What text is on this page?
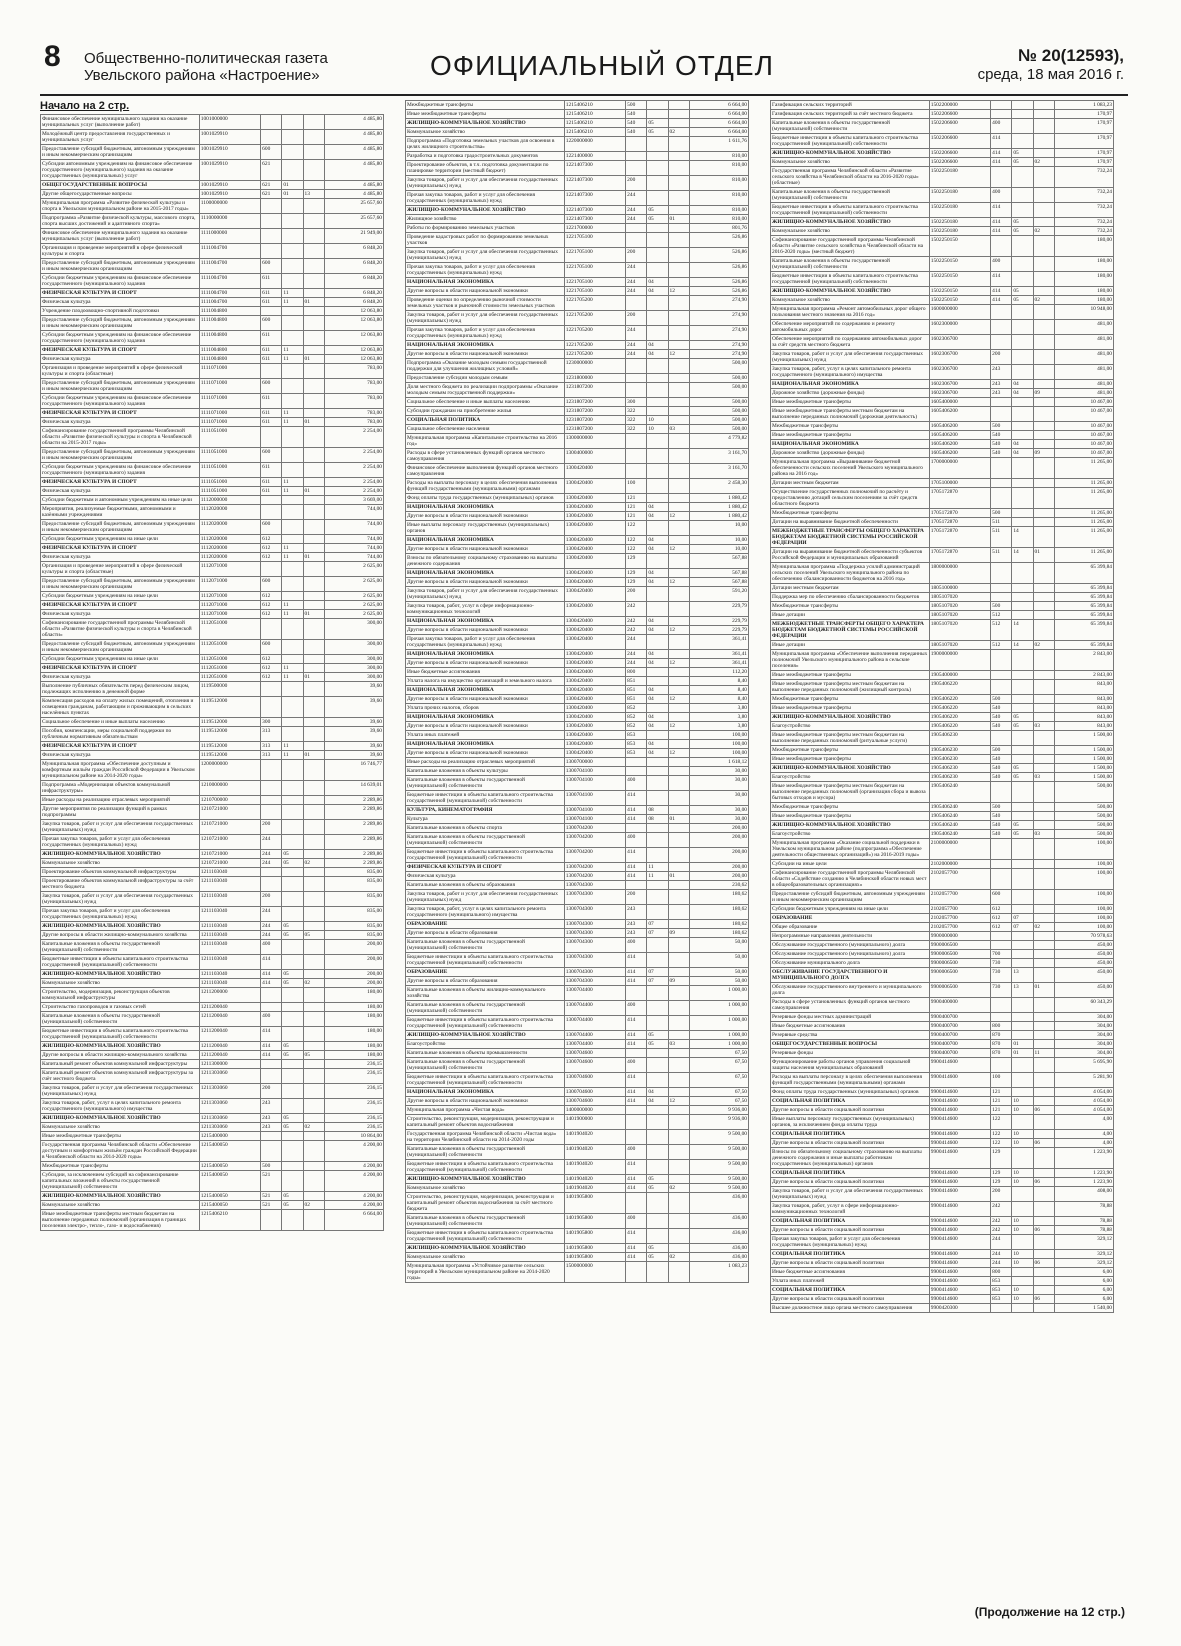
8 Общественно-политическая газета
Увельского района «Настроение»	ОФИЦИАЛЬНЫЙ ОТДЕЛ	№ 20(12593),
среда, 18 мая 2016 г.
Начало на 2 стр.
Финансовое обеспечение муниципального задания на оказание муниципальных услуг (выполнение работ)	1001000000				4 485,80
Молодёжный центр предоставления государственных и муниципальных услуг	1001029910				4 485,80
Предоставление субсидий бюджетным, автономным учреждениям и иным некоммерческим организациям	1001029910	600			4 485,80
Субсидии автономным учреждениям на финансовое обеспечение государственного (муниципального) задания на оказание государственных (муниципальных) услуг	1001029910	621			4 485,80
ОБЩЕГОСУДАРСТВЕННЫЕ ВОПРОСЫ	1001029910	621	01		4 485,80
Другие общегосударственные вопросы	1001029910	621	01	13	4 485,80
Муниципальная программа «Развитие физической культуры и спорта в Увельском муниципальном районе на 2015-2017 годы»	1100000000				25 657,60
Подпрограмма «Развитие физической культуры, массового спорта, спорта высших достижений и адаптивного спорта»	1110000000				25 657,60
Финансовое обеспечение муниципального задания на оказание муниципальных услуг (выполнение работ)	1111000000				21 949,00
Организация и проведение мероприятий в сфере физической культуры и спорта	1111004700				6 848,20
Предоставление субсидий бюджетным, автономным учреждениям и иным некоммерческим организациям	1111004700	600			6 848,20
Субсидии бюджетным учреждениям на финансовое обеспечение государственного (муниципального) задания	1111004700	611			6 848,20
ФИЗИЧЕСКАЯ КУЛЬТУРА И СПОРТ	1111004700	611	11		6 848,20
Физическая культура	1111004700	611	11	01	6 848,20
Учреждение плодоовощно-спортивной подготовки	1111004800				12 063,80
Предоставление субсидий бюджетным, автономным учреждениям и иным некоммерческим организациям	1111004800	600			12 063,80
Субсидии бюджетным учреждениям на финансовое обеспечение государственного (муниципального) задания	1111004800	611			12 063,80
ФИЗИЧЕСКАЯ КУЛЬТУРА И СПОРТ	1111004800	611	11		12 063,80
Физическая культура	1111004800	611	11	01	12 063,80
Организация и проведение мероприятий в сфере физической культуры и спорта (областные)	1111071000				783,00
Предоставление субсидий бюджетным, автономным учреждениям и иным некоммерческим организациям	1111071000	600			783,00
Субсидии бюджетным учреждениям на финансовое обеспечение государственного (муниципального) задания	1111071000	611			783,00
ФИЗИЧЕСКАЯ КУЛЬТУРА И СПОРТ	1111071000	611	11		783,00
Физическая культура	1111071000	611	11	01	783,00
Софинансирование государственной программы Челябинской области «Развитие физической культуры и спорта в Челябинской области на 2015-2017 годы»	1111051000				2 254,00
Предоставление субсидий бюджетным, автономным учреждениям и иным некоммерческим организациям	1111051000	600			2 254,00
Субсидии бюджетным учреждениям на финансовое обеспечение государственного (муниципального) задания	1111051000	611			2 254,00
ФИЗИЧЕСКАЯ КУЛЬТУРА И СПОРТ	1111051000	611	11		2 254,00
Физическая культура	1111051000	611	11	01	2 254,00
Субсидии бюджетным и автономным учреждениям на иные цели	1112000000				3 669,00
Мероприятия, реализуемые бюджетными, автономными и казёнными учреждениями	1112020000				744,00
Предоставление субсидий бюджетным, автономным учреждениям и иным некоммерческим организациям	1112020000	600			744,00
Субсидии бюджетным учреждениям на иные цели	1112020000	612			744,00
ФИЗИЧЕСКАЯ КУЛЬТУРА И СПОРТ	1112020000	612	11		744,00
Физическая культура	1112020000	612	11	01	744,00
Организация и проведение мероприятий в сфере физической культуры и спорта (областные)	1112071000				2 625,00
Предоставление субсидий бюджетным, автономным учреждениям и иным некоммерческим организациям	1112071000	600			2 625,00
Субсидии бюджетным учреждениям на иные цели	1112071000	612			2 625,00
ФИЗИЧЕСКАЯ КУЛЬТУРА И СПОРТ	1112071000	612	11		2 625,00
Физическая культура	1112071000	612	11	01	2 625,00
Софинансирование государственной программы Челябинской области «Развитие физической культуры и спорта в Челябинской области»	1112051000				300,00
Предоставление субсидий бюджетным, автономным учреждениям и иным некоммерческим организациям	1112051000	600			300,00
Субсидии бюджетным учреждениям на иные цели	1112051000	612			300,00
ФИЗИЧЕСКАЯ КУЛЬТУРА И СПОРТ	1112051000	612	11		300,00
Физическая культура	1112051000	612	11	01	300,00
Выполнение публичных обязательств перед физическим лицом, подлежащих исполнению в денежной форме	1119500000				39,60
Компенсация расходов на оплату жилых помещений, отопления и освещения гражданам, работающим и проживающим в сельских населённых пунктах	1119512000				39,60
Социальное обеспечение и иные выплаты населению	1119512000	300			39,60
Пособия, компенсации, меры социальной поддержки по публичным нормативным обязательствам	1119512000	313			39,60
ФИЗИЧЕСКАЯ КУЛЬТУРА И СПОРТ	1119512000	313	11		39,60
Физическая культура	1119512000	313	11	01	39,60
Муниципальная программа «Обеспечение доступным и комфортным жильём граждан Российской Федерации в Увельском муниципальном районе на 2014-2020 годы»	1200000000				16 746,77
Подпрограмма «Модернизация объектов коммунальной инфраструктуры»	1210000000				14 639,01
Иные расходы на реализацию отраслевых мероприятий	1210700000				2 289,86
Другие мероприятия по реализации функций в рамках подпрограммы	1210721000				2 289,86
Закупка товаров, работ и услуг для обеспечения государственных (муниципальных) нужд	1210721000	200			2 289,86
Прочая закупка товаров, работ и услуг для обеспечения государственных (муниципальных) нужд	1210721000	244			2 289,86
ЖИЛИЩНО-КОММУНАЛЬНОЕ ХОЗЯЙСТВО	1210721000	244	05		2 289,86
Коммунальное хозяйство	1210721000	244	05	02	2 289,86
Проектирование объектов коммунальной инфраструктуры	1211103040				835,00
Проектирование объектов коммунальной инфраструктуры за счёт местного бюджета	1211103040				835,00
Закупка товаров, работ и услуг для обеспечения государственных (муниципальных) нужд	1211103040	200			835,00
Прочая закупка товаров, работ и услуг для обеспечения государственных (муниципальных) нужд	1211103040	244			835,00
ЖИЛИЩНО-КОММУНАЛЬНОЕ ХОЗЯЙСТВО	1211103040	244	05		835,00
Другие вопросы в области жилищно-коммунального хозяйства	1211103040	244	05	05	835,00
Капитальные вложения в объекты государственной (муниципальной) собственности	1211103040	400			200,00
Бюджетные инвестиции в объекты капитального строительства государственной (муниципальной) собственности	1211103040	414			200,00
ЖИЛИЩНО-КОММУНАЛЬНОЕ ХОЗЯЙСТВО	1211103040	414	05		200,00
Коммунальное хозяйство	1211103040	414	05	02	200,00
Строительство, модернизация, реконструкция объектов коммунальной инфраструктуры	1211200000				180,00
Строительство газопроводов и газовых сетей	1211200040				180,00
Капитальные вложения в объекты государственной (муниципальной) собственности	1211200040	400			180,00
Бюджетные инвестиции в объекты капитального строительства государственной (муниципальной) собственности	1211200040	414			180,00
ЖИЛИЩНО-КОММУНАЛЬНОЕ ХОЗЯЙСТВО	1211200040	414	05		180,00
Другие вопросы в области жилищно-коммунального хозяйства	1211200040	414	05	05	180,00
Капитальный ремонт объектов коммунальной инфраструктуры	1211300000				236,15
Капитальный ремонт объектов коммунальной инфраструктуры за счёт местного бюджета	1211303060				236,15
Закупка товаров, работ и услуг для обеспечения государственных (муниципальных) нужд	1211303060	200			236,15
Закупка товаров, работ, услуг в целях капитального ремонта государственного (муниципального) имущества	1211303060	243			236,15
ЖИЛИЩНО-КОММУНАЛЬНОЕ ХОЗЯЙСТВО	1211303060	243	05		236,15
Коммунальное хозяйство	1211303060	243	05	02	236,15
Иные межбюджетные трансферты	1215400000				10 864,00
Государственная программа Челябинской области «Обеспечение доступным и комфортным жильём граждан Российской Федерации в Челябинской области на 2014-2020 годы»	1215400050				4 200,00
Межбюджетные трансферты	1215400050	500			4 200,00
Субсидии, за исключением субсидий на софинансирование капитальных вложений в объекты государственной (муниципальной) собственности	1215400050	521			4 200,00
ЖИЛИЩНО-КОММУНАЛЬНОЕ ХОЗЯЙСТВО	1215400050	521	05		4 200,00
Коммунальное хозяйство	1215400050	521	05	02	4 200,00
Иные межбюджетные трансферты местным бюджетам на выполнение переданных полномочий (организация в границах поселения электро-, тепло-, газо- и водоснабжения)	1215406210				6 664,00
Межбюджетные трансферты	1215406210	500			6 664,00
Иные межбюджетные трансферты	1215406210	540			6 664,00
ЖИЛИЩНО-КОММУНАЛЬНОЕ ХОЗЯЙСТВО	1215406210	540	05		6 664,00
Коммунальное хозяйство	1215406210	540	05	02	6 664,00
Подпрограмма «Подготовка земельных участков для освоения в целях жилищного строительства»	1220000000				1 611,76
Разработка и подготовка градостроительных документов	1221400000				810,00
Проектирование объектов, в т.ч. подготовка документации по планировке территории (местный бюджет)	1221407300				810,00
Закупка товаров, работ и услуг для обеспечения государственных (муниципальных) нужд	1221407300	200			810,00
Прочая закупка товаров, работ и услуг для обеспечения государственных (муниципальных) нужд	1221407300	244			810,00
ЖИЛИЩНО-КОММУНАЛЬНОЕ ХОЗЯЙСТВО	1221407300	244	05		810,00
Жилищное хозяйство	1221407300	244	05	01	810,00
Работы по формированию земельных участков	1221700000				801,76
Проведение кадастровых работ по формированию земельных участков	1221705100				526,86
Закупка товаров, работ и услуг для обеспечения государственных (муниципальных) нужд	1221705100	200			526,86
Прочая закупка товаров, работ и услуг для обеспечения государственных (муниципальных) нужд	1221705100	244			526,86
НАЦИОНАЛЬНАЯ ЭКОНОМИКА	1221705100	244	04		526,86
Другие вопросы в области национальной экономики	1221705100	244	04	12	526,86
Проведение оценки по определению рыночной стоимости земельных участков и рыночной стоимости земельных участков	1221705200				274,90
Закупка товаров, работ и услуг для обеспечения государственных (муниципальных) нужд	1221705200	200			274,90
Прочая закупка товаров, работ и услуг для обеспечения государственных (муниципальных) нужд	1221705200	244			274,90
НАЦИОНАЛЬНАЯ ЭКОНОМИКА	1221705200	244	04		274,90
Другие вопросы в области национальной экономики	1221705200	244	04	12	274,90
Подпрограмма «Оказание молодым семьям государственной поддержки для улучшения жилищных условий»	1230000000				500,00
Предоставление субсидии молодым семьям	1231800000				500,00
Доля местного бюджета по реализации подпрограммы «Оказание молодым семьям государственной поддержки»	1231807200				500,00
Социальное обеспечение и иные выплаты населению	1231807200	300			500,00
Субсидии гражданам на приобретение жилья	1231807200	322			500,00
СОЦИАЛЬНАЯ ПОЛИТИКА	1231807200	322	10		500,00
Социальное обеспечение населения	1231807200	322	10	03	500,00
Муниципальная программа «Капитальное строительство на 2016 год»	1300000000				4 779,82
Расходы в сфере установленных функций органов местного самоуправления	1300400000				3 161,70
Финансовое обеспечение выполнения функций органов местного самоуправления	1300420400				3 161,70
Расходы на выплаты персоналу в целях обеспечения выполнения функций государственными (муниципальными) органами	1300420400	100			2 458,30
Фонд оплаты труда государственных (муниципальных) органов	1300420400	121			1 880,42
НАЦИОНАЛЬНАЯ ЭКОНОМИКА	1300420400	121	04		1 880,42
Другие вопросы в области национальной экономики	1300420400	121	04	12	1 880,42
Иные выплаты персоналу государственных (муниципальных) органов	1300420400	122			10,00
НАЦИОНАЛЬНАЯ ЭКОНОМИКА	1300420400	122	04		10,00
Другие вопросы в области национальной экономики	1300420400	122	04	12	10,00
Взносы по обязательному социальному страхованию на выплаты денежного содержания	1300420400	129			567,88
НАЦИОНАЛЬНАЯ ЭКОНОМИКА	1300420400	129	04		567,88
Другие вопросы в области национальной экономики	1300420400	129	04	12	567,88
Закупка товаров, работ и услуг для обеспечения государственных (муниципальных) нужд	1300420400	200			591,20
Закупка товаров, работ, услуг в сфере информационно-коммуникационных технологий	1300420400	242			229,79
НАЦИОНАЛЬНАЯ ЭКОНОМИКА	1300420400	242	04		229,79
Другие вопросы в области национальной экономики	1300420400	242	04	12	229,79
Прочая закупка товаров, работ и услуг для обеспечения государственных (муниципальных) нужд	1300420400	244			361,41
НАЦИОНАЛЬНАЯ ЭКОНОМИКА	1300420400	244	04		361,41
Другие вопросы в области национальной экономики	1300420400	244	04	12	361,41
Иные бюджетные ассигнования	1300420400	800			112,20
Уплата налога на имущество организаций и земельного налога	1300420400	851			8,40
НАЦИОНАЛЬНАЯ ЭКОНОМИКА	1300420400	851	04		8,40
Другие вопросы в области национальной экономики	1300420400	851	04	12	8,40
Уплата прочих налогов, сборов	1300420400	852			3,80
НАЦИОНАЛЬНАЯ ЭКОНОМИКА	1300420400	852	04		3,80
Другие вопросы в области национальной экономики	1300420400	852	04	12	3,80
Уплата иных платежей	1300420400	853			100,00
НАЦИОНАЛЬНАЯ ЭКОНОМИКА	1300420400	853	04		100,00
Другие вопросы в области национальной экономики	1300420400	853	04	12	100,00
Иные расходы на реализацию отраслевых мероприятий	1300700000				1 618,12
Капитальные вложения в объекты культуры	1300704100				30,00
Капитальные вложения в объекты государственной (муниципальной) собственности	1300704100	400			30,00
Бюджетные инвестиции в объекты капитального строительства государственной (муниципальной) собственности	1300704100	414			30,00
КУЛЬТУРА, КИНЕМАТОГРАФИЯ	1300704100	414	08		30,00
Культура	1300704100	414	08	01	30,00
Капитальные вложения в объекты спорта	1300704200				200,00
Капитальные вложения в объекты государственной (муниципальной) собственности	1300704200	400			200,00
Бюджетные инвестиции в объекты капитального строительства государственной (муниципальной) собственности	1300704200	414			200,00
ФИЗИЧЕСКАЯ КУЛЬТУРА И СПОРТ	1300704200	414	11		200,00
Физическая культура	1300704200	414	11	01	200,00
Капитальные вложения в объекты образования	1300704300				230,62
Закупка товаров, работ и услуг для обеспечения государственных (муниципальных) нужд	1300704300	200			180,62
Закупка товаров, работ, услуг в целях капитального ремонта государственного (муниципального) имущества	1300704300	243			180,62
ОБРАЗОВАНИЕ	1300704300	243	07		180,62
Другие вопросы в области образования	1300704300	243	07	09	180,62
Капитальные вложения в объекты государственной (муниципальной) собственности	1300704300	400			50,00
Бюджетные инвестиции в объекты капитального строительства государственной (муниципальной) собственности	1300704300	414			50,00
ОБРАЗОВАНИЕ	1300704300	414	07		50,00
Другие вопросы в области образования	1300704300	414	07	09	50,00
Капитальные вложения в объекты жилищно-коммунального хозяйства	1300704400				1 000,00
Капитальные вложения в объекты государственной (муниципальной) собственности	1300704400	400			1 000,00
Бюджетные инвестиции в объекты капитального строительства государственной (муниципальной) собственности	1300704400	414			1 000,00
ЖИЛИЩНО-КОММУНАЛЬНОЕ ХОЗЯЙСТВО	1300704400	414	05		1 000,00
Благоустройство	1300704400	414	05	03	1 000,00
Капитальные вложения в объекты промышленности	1300704600				67,50
Капитальные вложения в объекты государственной (муниципальной) собственности	1300704600	400			67,50
Бюджетные инвестиции в объекты капитального строительства государственной (муниципальной) собственности	1300704600	414			67,50
НАЦИОНАЛЬНАЯ ЭКОНОМИКА	1300704600	414	04		67,50
Другие вопросы в области национальной экономики	1300704600	414	04	12	67,50
Муниципальная программа «Чистая вода»	1400000000				9 936,00
Строительство, реконструкция, модернизация, реконструкция и капитальный ремонт объектов водоснабжения	1401900000				9 936,00
Государственная программа Челябинской области «Чистая вода» на территории Челябинской области на 2014-2020 годы	1401904020				9 500,00
Капитальные вложения в объекты государственной (муниципальной) собственности	1401904020	400			9 500,00
Бюджетные инвестиции в объекты капитального строительства государственной (муниципальной) собственности	1401904020	414			9 500,00
ЖИЛИЩНО-КОММУНАЛЬНОЕ ХОЗЯЙСТВО	1401904020	414	05		9 500,00
Коммунальное хозяйство	1401904020	414	05	02	9 500,00
Строительство, реконструкция, модернизация, реконструкция и капитальный ремонт объектов водоснабжения за счёт местного бюджета	1401905800				436,00
Капитальные вложения в объекты государственной (муниципальной) собственности	1401905800	400			436,00
Бюджетные инвестиции в объекты капитального строительства государственной (муниципальной) собственности	1401905800	414			436,00
ЖИЛИЩНО-КОММУНАЛЬНОЕ ХОЗЯЙСТВО	1401905800	414	05		436,00
Коммунальное хозяйство	1401905800	414	05	02	436,00
Муниципальная программа «Устойчивое развитие сельских территорий в Увельском муниципальном районе на 2014-2020 годы»	1500000000				1 083,23
Газификация сельских территорий	1502200000				1 083,23
Газификация сельских территорий за счёт местного бюджета	1502206600				170,97
Капитальные вложения в объекты государственной (муниципальной) собственности	1502206600	400			170,97
Бюджетные инвестиции в объекты капитального строительства государственной (муниципальной) собственности	1502206600	414			170,97
ЖИЛИЩНО-КОММУНАЛЬНОЕ ХОЗЯЙСТВО	1502206600	414	05		170,97
Коммунальное хозяйство	1502206600	414	05	02	170,97
Государственная программа Челябинской области «Развитие сельского хозяйства в Челябинской области на 2016-2020 годы» (областные)	1502250180				732,24
Капитальные вложения в объекты государственной (муниципальной) собственности	1502250180	400			732,24
Бюджетные инвестиции в объекты капитального строительства государственной (муниципальной) собственности	1502250180	414			732,24
ЖИЛИЩНО-КОММУНАЛЬНОЕ ХОЗЯЙСТВО	1502250180	414	05		732,24
Коммунальное хозяйство	1502250180	414	05	02	732,24
Софинансирование государственной программы Челябинской области «Развитие сельского хозяйства в Челябинской области на 2016-2020 годы» (местный бюджет)	1502250150				180,00
Капитальные вложения в объекты государственной (муниципальной) собственности	1502250150	400			180,00
Бюджетные инвестиции в объекты капитального строительства государственной (муниципальной) собственности	1502250150	414			180,00
ЖИЛИЩНО-КОММУНАЛЬНОЕ ХОЗЯЙСТВО	1502250150	414	05		180,00
Коммунальное хозяйство	1502250150	414	05	02	180,00
Муниципальная программа «Ремонт автомобильных дорог общего пользования местного значения на 2016 год»	1600000000				10 948,00
Обеспечение мероприятий по содержанию и ремонту автомобильных дорог	1602300000				481,00
Обеспечение мероприятий по содержанию автомобильных дорог за счёт средств местного бюджета	1602306700				481,00
Закупка товаров, работ и услуг для обеспечения государственных (муниципальных) нужд	1602306700	200			481,00
Закупка товаров, работ, услуг в целях капитального ремонта государственного (муниципального) имущества	1602306700	243			481,00
НАЦИОНАЛЬНАЯ ЭКОНОМИКА	1602306700	243	04		481,00
Дорожное хозяйство (дорожные фонды)	1602306700	243	04	09	481,00
Иные межбюджетные трансферты	1605400000				10 467,00
Иные межбюджетные трансферты местным бюджетам на выполнение переданных полномочий (дорожная деятельность)	1605406200				10 467,00
Межбюджетные трансферты	1605406200	500			10 467,00
Иные межбюджетные трансферты	1605406200	540			10 467,00
НАЦИОНАЛЬНАЯ ЭКОНОМИКА	1605406200	540	04		10 467,00
Дорожное хозяйство (дорожные фонды)	1605406200	540	04	09	10 467,00
Муниципальная программа «Выравнивание бюджетной обеспеченности сельских поселений Увельского муниципального района на 2016 год»	1700000000				11 265,00
Дотации местным бюджетам	1705100000				11 265,00
Осуществление государственных полномочий по расчёту и предоставлению дотаций сельским поселениям за счёт средств областного бюджета	1705172870				11 265,00
Межбюджетные трансферты	1705172870	500			11 265,00
Дотации на выравнивание бюджетной обеспеченности	1705172870	511			11 265,00
МЕЖБЮДЖЕТНЫЕ ТРАНСФЕРТЫ ОБЩЕГО ХАРАКТЕРА БЮДЖЕТАМ БЮДЖЕТНОЙ СИСТЕМЫ РОССИЙСКОЙ ФЕДЕРАЦИИ	1705172870	511	14		11 265,00
Дотации на выравнивание бюджетной обеспеченности субъектов Российской Федерации и муниципальных образований	1705172870	511	14	01	11 265,00
Муниципальная программа «Поддержка усилий администраций сельских поселений Увельского муниципального района по обеспечению сбалансированности бюджетов на 2016 год»	1800000000				65 399,84
Дотации местным бюджетам	1805100000				65 399,84
Поддержка мер по обеспечению сбалансированности бюджетов	1805107020				65 399,84
Межбюджетные трансферты	1805107020	500			65 399,84
Иные дотации	1805107020	512			65 399,84
МЕЖБЮДЖЕТНЫЕ ТРАНСФЕРТЫ ОБЩЕГО ХАРАКТЕРА БЮДЖЕТАМ БЮДЖЕТНОЙ СИСТЕМЫ РОССИЙСКОЙ ФЕДЕРАЦИИ	1805107020	512	14		65 399,84
Иные дотации	1805107020	512	14	02	65 399,84
Муниципальная программа «Обеспечение выполнения переданных полномочий Увельского муниципального района в сельские поселения»	1900000000				2 843,00
Иные межбюджетные трансферты	1905400000				2 843,00
Иные межбюджетные трансферты местным бюджетам на выполнение переданных полномочий (жилищный контроль)	1905406220				843,00
Межбюджетные трансферты	1905406220	500			843,00
Иные межбюджетные трансферты	1905406220	540			843,00
ЖИЛИЩНО-КОММУНАЛЬНОЕ ХОЗЯЙСТВО	1905406220	540	05		843,00
Благоустройство	1905406220	540	05	03	843,00
Иные межбюджетные трансферты местным бюджетам на выполнение переданных полномочий (ритуальные услуги)	1905406230				1 500,00
Межбюджетные трансферты	1905406230	500			1 500,00
Иные межбюджетные трансферты	1905406230	540			1 500,00
ЖИЛИЩНО-КОММУНАЛЬНОЕ ХОЗЯЙСТВО	1905406230	540	05		1 500,00
Благоустройство	1905406230	540	05	03	1 500,00
Иные межбюджетные трансферты местным бюджетам на выполнение переданных полномочий (организация сбора и вывоза бытовых отходов и мусора)	1905406240				500,00
Межбюджетные трансферты	1905406240	500			500,00
Иные межбюджетные трансферты	1905406240	540			500,00
ЖИЛИЩНО-КОММУНАЛЬНОЕ ХОЗЯЙСТВО	1905406240	540	05		500,00
Благоустройство	1905406240	540	05	03	500,00
Муниципальная программа «Оказание социальной поддержки в Увельском муниципальном районе (подпрограмма «Обеспечение деятельности общественных организаций») на 2016-2019 годы»	2100000000				100,00
Субсидии на иные цели	2102000000				100,00
Софинансирование государственной программы Челябинской области «Содействие созданию в Челябинской области новых мест в общеобразовательных организациях»	2102057700				100,00
Предоставление субсидий бюджетным, автономным учреждениям и иным некоммерческим организациям	2102057700	600			100,00
Субсидии бюджетным учреждениям на иные цели	2102057700	612			100,00
ОБРАЗОВАНИЕ	2102057700	612	07		100,00
Общее образование	2102057700	612	07	02	100,00
Непрограммные направления деятельности	9900000000				70 978,63
Обслуживание государственного (муниципального) долга	9900006500				450,00
Обслуживание государственного (муниципального) долга	9900006500	700			450,00
Обслуживание муниципального долга	9900006500	730			450,00
ОБСЛУЖИВАНИЕ ГОСУДАРСТВЕННОГО И МУНИЦИПАЛЬНОГО ДОЛГА	9900006500	730	13		450,00
Обслуживание государственного внутреннего и муниципального долга	9900006500	730	13	01	450,00
Расходы в сфере установленных функций органов местного самоуправления	9900400000				60 343,29
Резервные фонды местных администраций	9900400700				304,00
Иные бюджетные ассигнования	9900400700	800			304,00
Резервные средства	9900400700	870			304,00
ОБЩЕГОСУДАРСТВЕННЫЕ ВОПРОСЫ	9900400700	870	01		304,00
Резервные фонды	9900400700	870	01	11	304,00
Функционирование работы органов управления социальной защиты населения муниципальных образований	9900414600				5 695,90
Расходы на выплаты персоналу в целях обеспечения выполнения функций государственными (муниципальными) органами	9900414600	100			5 281,90
Фонд оплаты труда государственных (муниципальных) органов	9900414600	121			4 054,00
СОЦИАЛЬНАЯ ПОЛИТИКА	9900414600	121	10		4 054,00
Другие вопросы в области социальной политики	9900414600	121	10	06	4 054,00
Иные выплаты персоналу государственных (муниципальных) органов, за исключением фонда оплаты труда	9900414600	122			4,00
СОЦИАЛЬНАЯ ПОЛИТИКА	9900414600	122	10		4,00
Другие вопросы в области социальной политики	9900414600	122	10	06	4,00
Взносы по обязательному социальному страхованию на выплаты денежного содержания и иные выплаты работникам государственных (муниципальных) органов	9900414600	129			1 223,90
СОЦИАЛЬНАЯ ПОЛИТИКА	9900414600	129	10		1 223,90
Другие вопросы в области социальной политики	9900414600	129	10	06	1 223,90
Закупка товаров, работ и услуг для обеспечения государственных (муниципальных) нужд	9900414600	200			408,00
Закупка товаров, работ, услуг в сфере информационно-коммуникационных технологий	9900414600	242			78,88
СОЦИАЛЬНАЯ ПОЛИТИКА	9900414600	242	10		78,88
Другие вопросы в области социальной политики	9900414600	242	10	06	78,88
Прочая закупка товаров, работ и услуг для обеспечения государственных (муниципальных) нужд	9900414600	244			329,12
СОЦИАЛЬНАЯ ПОЛИТИКА	9900414600	244	10		329,12
Другие вопросы в области социальной политики	9900414600	244	10	06	329,12
Иные бюджетные ассигнования	9900414600	800			6,00
Уплата иных платежей	9900414600	853			6,00
СОЦИАЛЬНАЯ ПОЛИТИКА	9900414600	853	10		6,00
Другие вопросы в области социальной политики	9900414600	853	10	06	6,00
Высшее должностное лицо органа местного самоуправления	9900420300				1 540,00
(Продолжение на 12 стр.)
